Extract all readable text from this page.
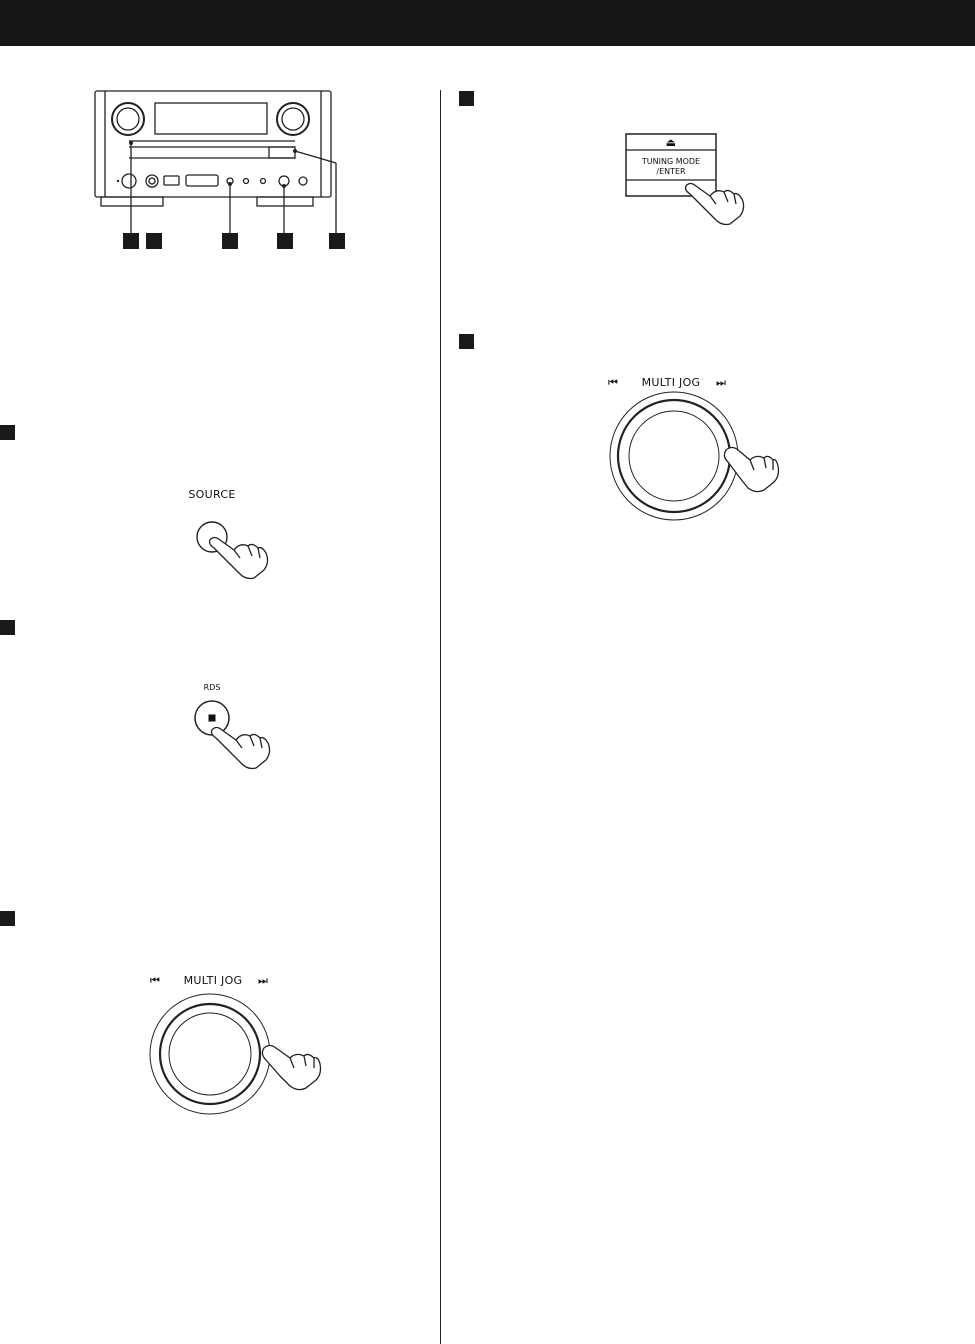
SOURCE
RDS
⏮ MULTI JOG ⏭
⏏
TUNING MODE
/ENTER
⏮ MULTI JOG ⏭
